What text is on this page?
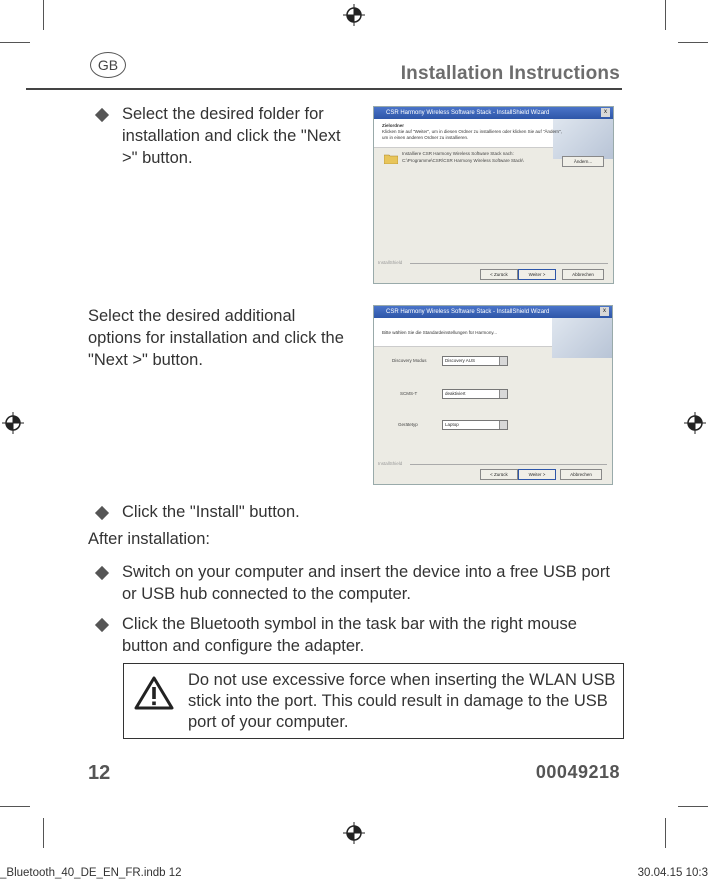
GB	Installation Instructions
Select the desired folder for installation and click the "Next >" button.
CSR Harmony Wireless Software Stack - InstallShield Wizard	x
Zielordner
Klicken Sie auf "Weiter", um in diesen Ordner zu installieren oder klicken Sie auf "Ändern", um in einen anderen Ordner zu installieren.
Installiere CSR Harmony Wireless Software Stack nach:
C:\Programme\CSR\CSR Harmony Wireless Software Stack\	Ändern...
InstallShield
< Zurück	Weiter >	Abbrechen
Select the desired additional options for installation and click the "Next >" button.
CSR Harmony Wireless Software Stack - InstallShield Wizard	x
Bitte wählen Sie die Standardeinstellungen für Harmony...
Discovery Modus	Discovery AUS
SCMS-T	deaktiviert
Gerätetyp	Laptop
InstallShield
< Zurück	Weiter >	Abbrechen
Click the "Install" button.
After installation:
Switch on your computer and insert the device into a free USB port or USB hub connected to the computer.
Click the Bluetooth symbol in the task bar with the right mouse button and configure the adapter.
Do not use excessive force when inserting the WLAN USB stick into the port. This could result in damage to the USB port of your computer.
12	00049218
_Bluetooth_40_DE_EN_FR.indb 12	30.04.15 10:3
